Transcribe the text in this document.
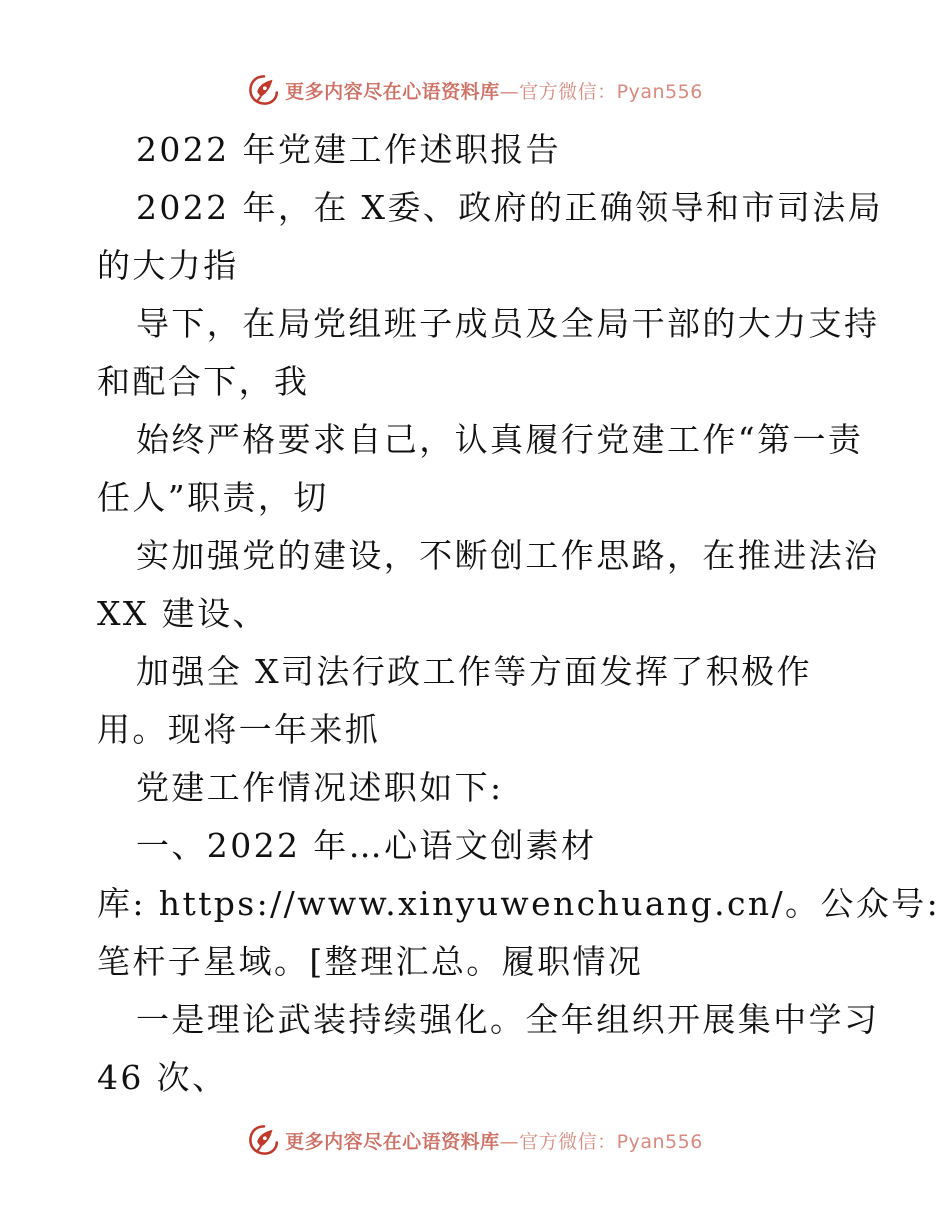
更多内容尽在心语资料库—官方微信：Pyan556
2022 年党建工作述职报告
2022 年，在 X委、政府的正确领导和市司法局
的大力指
导下，在局党组班子成员及全局干部的大力支持
和配合下，我
始终严格要求自己，认真履行党建工作“第一责
任人”职责，切
实加强党的建设，不断创工作思路，在推进法治
XX 建设、
加强全 X司法行政工作等方面发挥了积极作
用。现将一年来抓
党建工作情况述职如下:
一、2022 年…心语文创素材
库: https://www.xinyuwenchuang.cn/。公众号:
笔杆子星域。[整理汇总。履职情况
一是理论武装持续强化。全年组织开展集中学习
46 次、
更多内容尽在心语资料库—官方微信：Pyan556
